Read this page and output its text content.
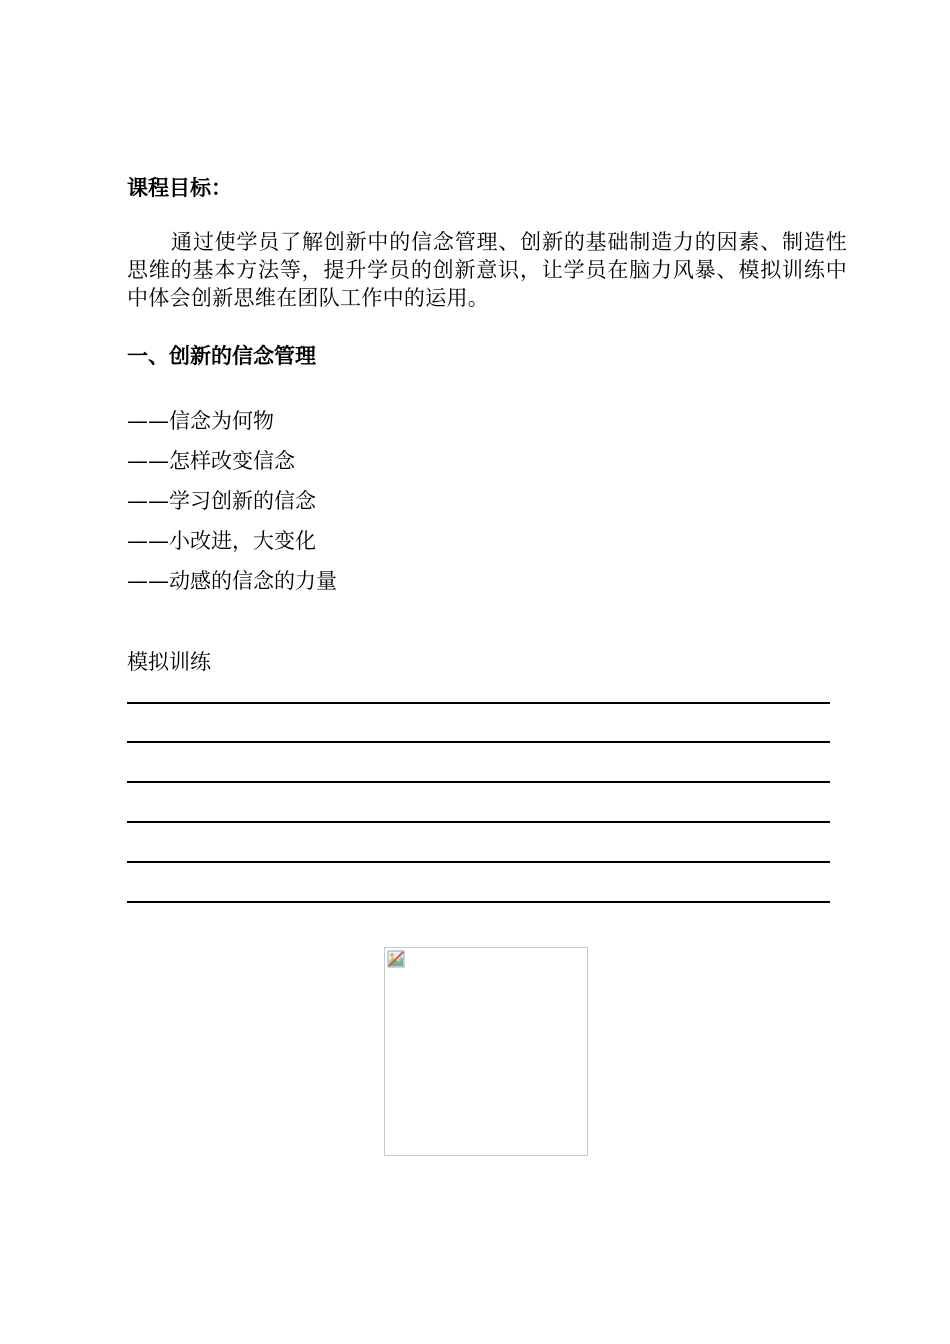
课程目标：

通过使学员了解创新中的信念管理、创新的基础制造力的因素、制造性思维的基本方法等，提升学员的创新意识，让学员在脑力风暴、模拟训练中中体会创新思维在团队工作中的运用。

一、创新的信念管理
——信念为何物
——怎样改变信念
——学习创新的信念
——小改进，大变化
——动感的信念的力量
模拟训练
